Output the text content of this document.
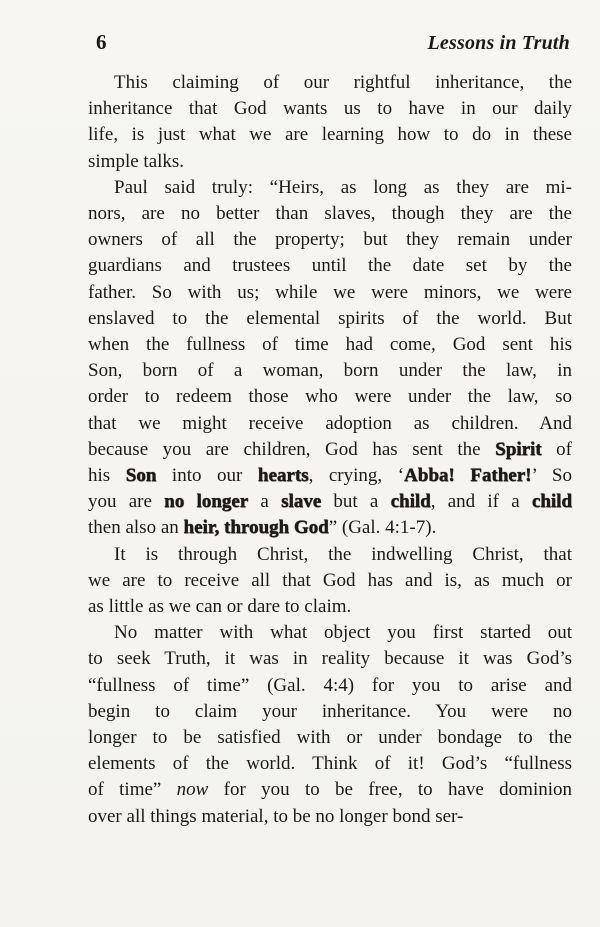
6	Lessons in Truth
This claiming of our rightful inheritance, the
inheritance that God wants us to have in our daily
life, is just what we are learning how to do in these
simple talks.
Paul said truly: “Heirs, as long as they are mi-
nors, are no better than slaves, though they are the
owners of all the property; but they remain under
guardians and trustees until the date set by the
father. So with us; while we were minors, we were
enslaved to the elemental spirits of the world. But
when the fullness of time had come, God sent his
Son, born of a woman, born under the law, in
order to redeem those who were under the law, so
that we might receive adoption as children. And
because you are children, God has sent the Spirit of
his Son into our hearts, crying, ‘Abba! Father!’ So
you are no longer a slave but a child, and if a child
then also an heir, through God” (Gal. 4:1-7).
It is through Christ, the indwelling Christ, that
we are to receive all that God has and is, as much or
as little as we can or dare to claim.
No matter with what object you first started out
to seek Truth, it was in reality because it was God’s
“fullness of time” (Gal. 4:4) for you to arise and
begin to claim your inheritance. You were no
longer to be satisfied with or under bondage to the
elements of the world. Think of it! God’s “fullness
of time” now for you to be free, to have dominion
over all things material, to be no longer bond ser-
